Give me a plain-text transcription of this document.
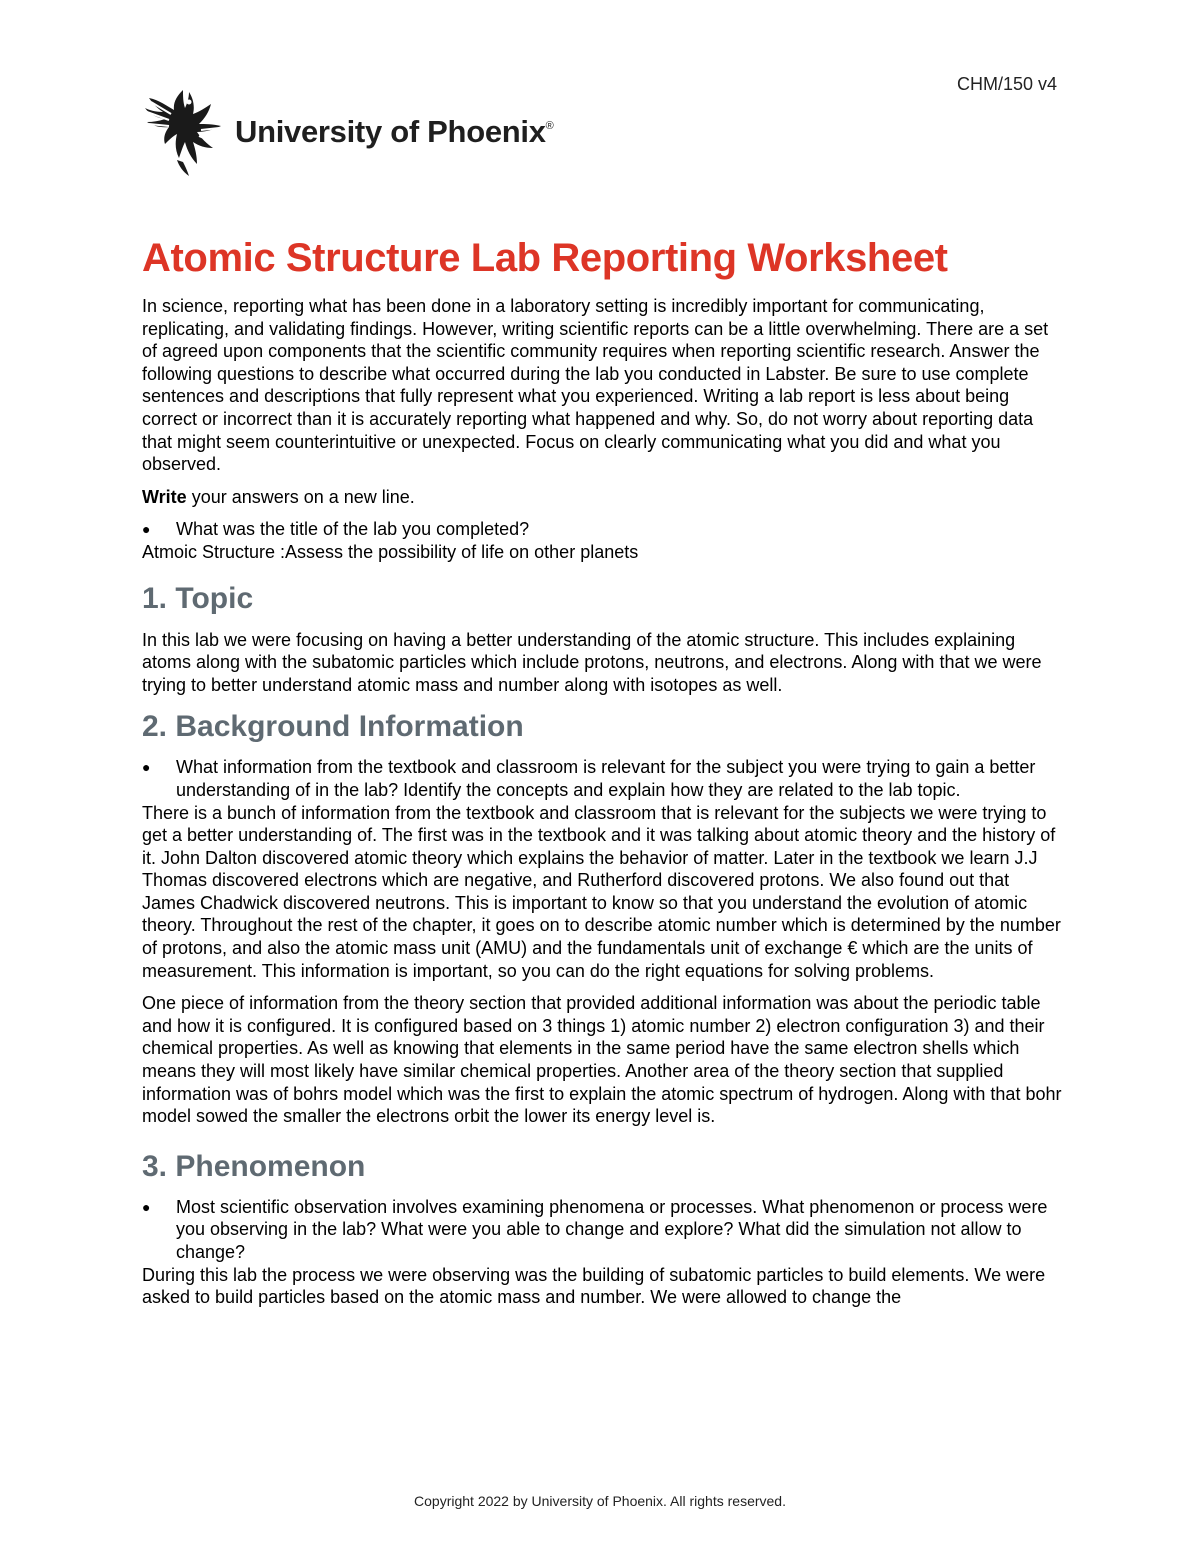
CHM/150 v4
University of Phoenix®
Atomic Structure Lab Reporting Worksheet

In science, reporting what has been done in a laboratory setting is incredibly important for communicating, replicating, and validating findings. However, writing scientific reports can be a little overwhelming. There are a set of agreed upon components that the scientific community requires when reporting scientific research. Answer the following questions to describe what occurred during the lab you conducted in Labster. Be sure to use complete sentences and descriptions that fully represent what you experienced. Writing a lab report is less about being correct or incorrect than it is accurately reporting what happened and why. So, do not worry about reporting data that might seem counterintuitive or unexpected. Focus on clearly communicating what you did and what you observed.

Write your answers on a new line.

● What was the title of the lab you completed?

Atmoic Structure :Assess the possibility of life on other planets

1. Topic

In this lab we were focusing on having a better understanding of the atomic structure. This includes explaining atoms along with the subatomic particles which include protons, neutrons, and electrons. Along with that we were trying to better understand atomic mass and number along with isotopes as well.

2. Background Information
● What information from the textbook and classroom is relevant for the subject you were trying to gain a better understanding of in the lab? Identify the concepts and explain how they are related to the lab topic.

There is a bunch of information from the textbook and classroom that is relevant for the subjects we were trying to get a better understanding of. The first was in the textbook and it was talking about atomic theory and the history of it. John Dalton discovered atomic theory which explains the behavior of matter. Later in the textbook we learn J.J Thomas discovered electrons which are negative, and Rutherford discovered protons. We also found out that James Chadwick discovered neutrons. This is important to know so that you understand the evolution of atomic theory. Throughout the rest of the chapter, it goes on to describe atomic number which is determined by the number of protons, and also the atomic mass unit (AMU) and the fundamentals unit of exchange € which are the units of measurement. This information is important, so you can do the right equations for solving problems.

One piece of information from the theory section that provided additional information was about the periodic table and how it is configured. It is configured based on 3 things 1) atomic number 2) electron configuration 3) and their chemical properties. As well as knowing that elements in the same period have the same electron shells which means they will most likely have similar chemical properties. Another area of the theory section that supplied information was of bohrs model which was the first to explain the atomic spectrum of hydrogen. Along with that bohr model sowed the smaller the electrons orbit the lower its energy level is.

3. Phenomenon
● Most scientific observation involves examining phenomena or processes. What phenomenon or process were you observing in the lab? What were you able to change and explore? What did the simulation not allow to change?

During this lab the process we were observing was the building of subatomic particles to build elements. We were asked to build particles based on the atomic mass and number. We were allowed to change the

Copyright 2022 by University of Phoenix. All rights reserved.
